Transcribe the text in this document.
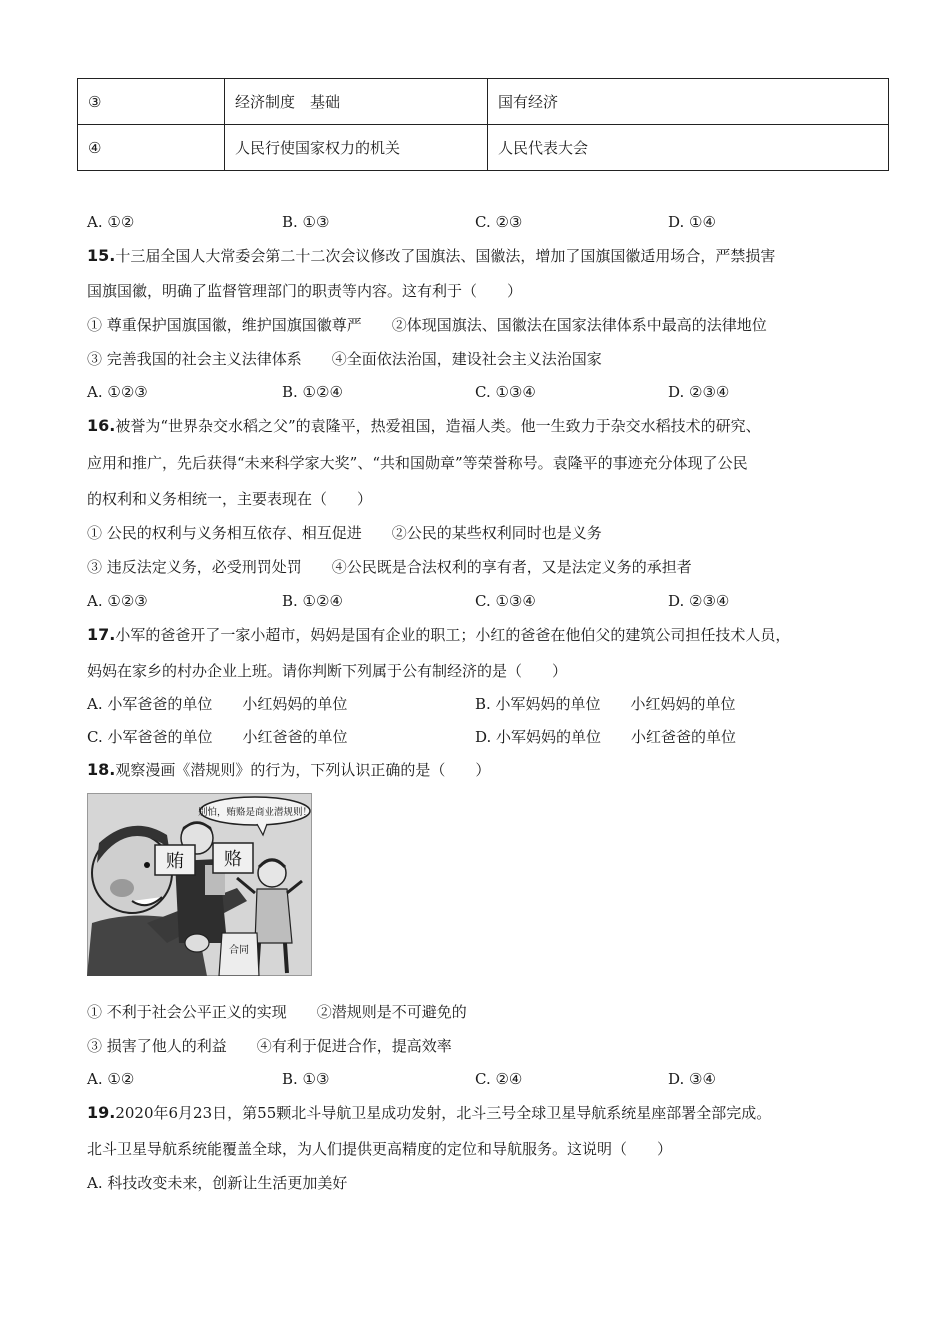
③	经济制度　基础	国有经济
④	人民行使国家权力的机关	人民代表大会
A. ①②	B. ①③	C. ②③	D. ①④
15.十三届全国人大常委会第二十二次会议修改了国旗法、国徽法，增加了国旗国徽适用场合，严禁损害
国旗国徽，明确了监督管理部门的职责等内容。这有利于（　　）
① 尊重保护国旗国徽，维护国旗国徽尊严　　②体现国旗法、国徽法在国家法律体系中最高的法律地位
③ 完善我国的社会主义法律体系　　④全面依法治国，建设社会主义法治国家
A. ①②③	B. ①②④	C. ①③④	D. ②③④
16.被誉为“世界杂交水稻之父”的袁隆平，热爱祖国，造福人类。他一生致力于杂交水稻技术的研究、
应用和推广，先后获得“未来科学家大奖”、“共和国勋章”等荣誉称号。袁隆平的事迹充分体现了公民
的权利和义务相统一，主要表现在（　　）
① 公民的权利与义务相互依存、相互促进　　②公民的某些权利同时也是义务
③ 违反法定义务，必受刑罚处罚　　④公民既是合法权利的享有者，又是法定义务的承担者
A. ①②③	B. ①②④	C. ①③④	D. ②③④
17.小军的爸爸开了一家小超市，妈妈是国有企业的职工；小红的爸爸在他伯父的建筑公司担任技术人员，
妈妈在家乡的村办企业上班。请你判断下列属于公有制经济的是（　　）
A. 小军爸爸的单位　　小红妈妈的单位	B. 小军妈妈的单位　　小红妈妈的单位
C. 小军爸爸的单位　　小红爸爸的单位	D. 小军妈妈的单位　　小红爸爸的单位
18.观察漫画《潜规则》的行为，下列认识正确的是（　　）
别怕，贿赂是商业潜规则！
贿 赂
合同
① 不利于社会公平正义的实现　　②潜规则是不可避免的
③ 损害了他人的利益　　④有利于促进合作，提高效率
A. ①②	B. ①③	C. ②④	D. ③④
19.2020年6月23日，第55颗北斗导航卫星成功发射，北斗三号全球卫星导航系统星座部署全部完成。
北斗卫星导航系统能覆盖全球，为人们提供更高精度的定位和导航服务。这说明（　　）
A. 科技改变未来，创新让生活更加美好
